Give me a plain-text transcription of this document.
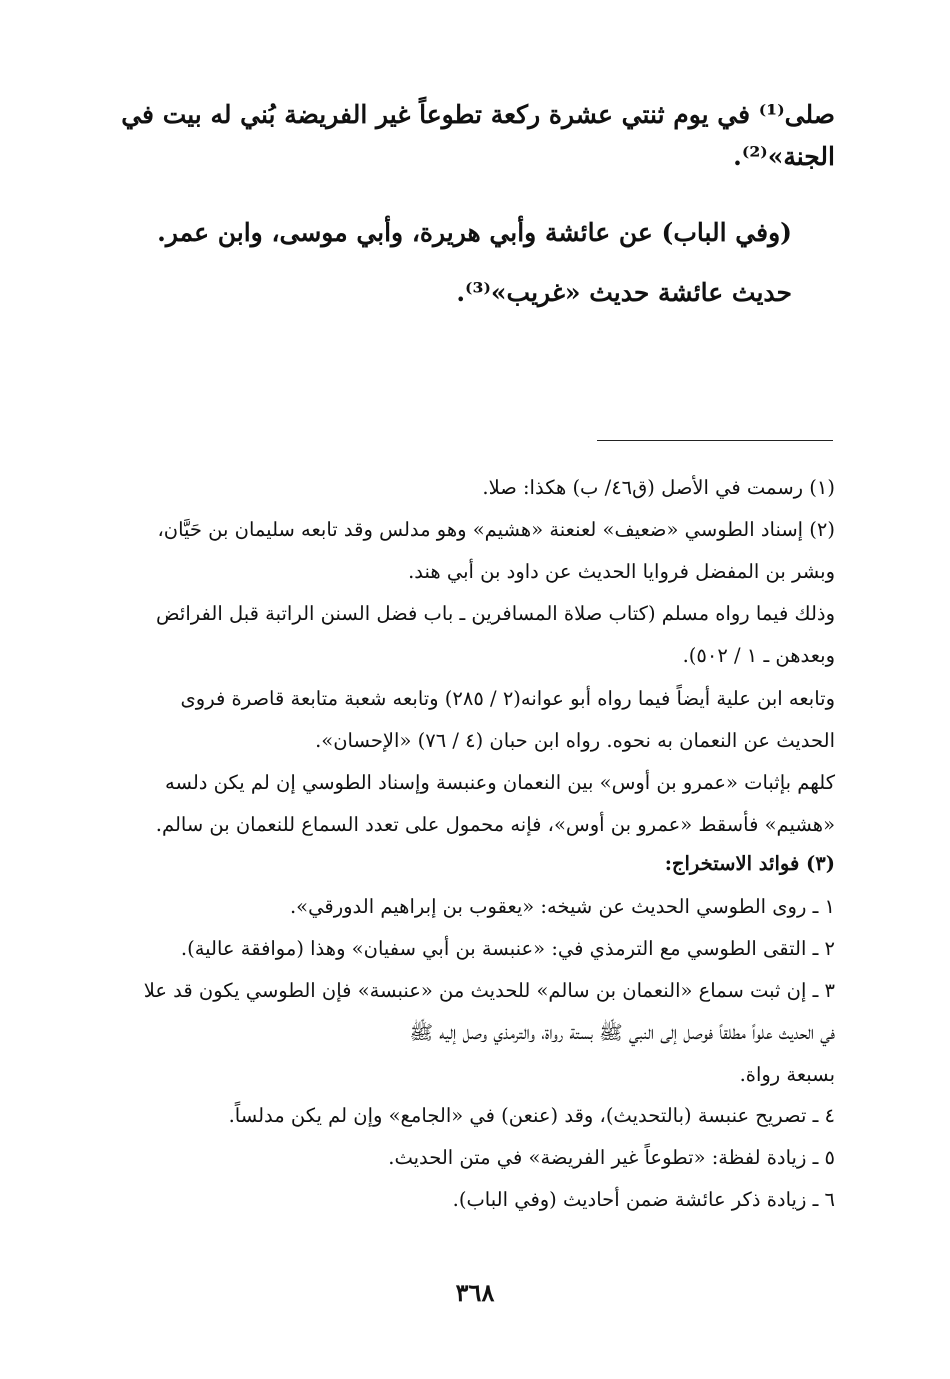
صلى⁽¹⁾ في يوم ثنتي عشرة ركعة تطوعاً غير الفريضة بُني له بيت في
الجنة»⁽²⁾.
(وفي الباب) عن عائشة وأبي هريرة، وأبي موسى، وابن عمر.
حديث عائشة حديث «غريب»⁽³⁾.
(١) رسمت في الأصل (ق٤٦/ ب) هكذا: صلا.
(٢) إسناد الطوسي «ضعيف» لعنعنة «هشيم» وهو مدلس وقد تابعه سليمان بن حَيَّان،
وبشر بن المفضل فروايا الحديث عن داود بن أبي هند.
وذلك فيما رواه مسلم (كتاب صلاة المسافرين ـ باب فضل السنن الراتبة قبل الفرائض
وبعدهن ـ ١ / ٥٠٢).
وتابعه ابن علية أيضاً فيما رواه أبو عوانه(٢ / ٢٨٥) وتابعه شعبة متابعة قاصرة فروى
الحديث عن النعمان به نحوه. رواه ابن حبان (٤ / ٧٦) «الإحسان».
كلهم بإثبات «عمرو بن أوس» بين النعمان وعنبسة وإسناد الطوسي إن لم يكن دلسه
«هشيم» فأسقط «عمرو بن أوس»، فإنه محمول على تعدد السماع للنعمان بن سالم.
(٣) فوائد الاستخراج:
١ ـ روى الطوسي الحديث عن شيخه: «يعقوب بن إبراهيم الدورقي».
٢ ـ التقى الطوسي مع الترمذي في: «عنبسة بن أبي سفيان» وهذا (موافقة عالية).
٣ ـ إن ثبت سماع «النعمان بن سالم» للحديث من «عنبسة» فإن الطوسي يكون قد علا
في الحديث علواً مطلقاً فوصل إلى النبي ﷺ بستة رواة، والترمذي وصل إليه ﷺ
بسبعة رواة.
٤ ـ تصريح عنبسة (بالتحديث)، وقد (عنعن) في «الجامع» وإن لم يكن مدلساً.
٥ ـ زيادة لفظة: «تطوعاً غير الفريضة» في متن الحديث.
٦ ـ زيادة ذكر عائشة ضمن أحاديث (وفي الباب).
٣٦٨
